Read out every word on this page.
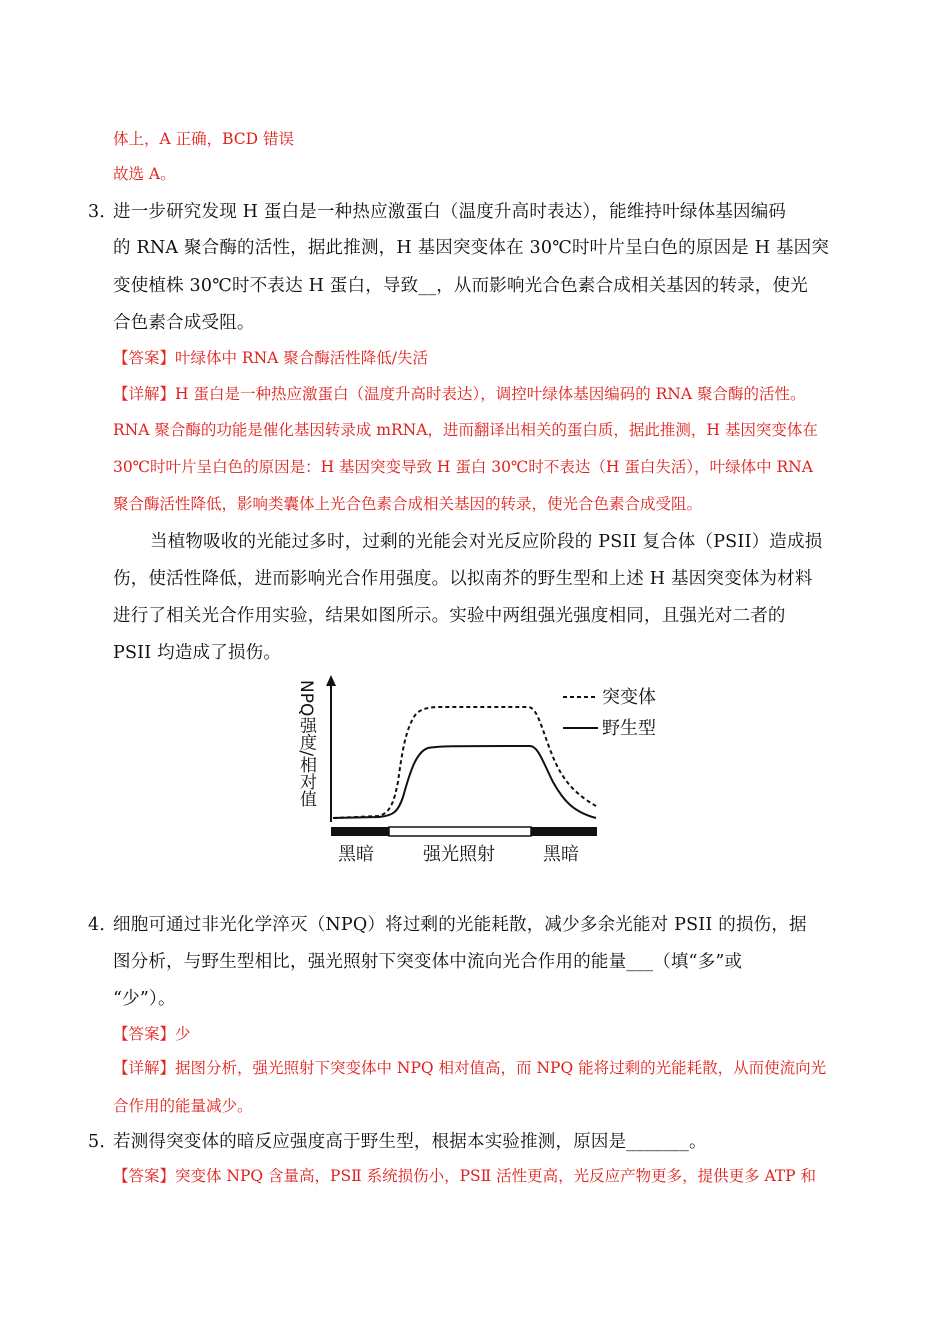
体上，A 正确，BCD 错误
故选 A。
3．
进一步研究发现 H 蛋白是一种热应激蛋白（温度升高时表达），能维持叶绿体基因编码
的 RNA 聚合酶的活性，据此推测，H 基因突变体在 30℃时叶片呈白色的原因是 H 基因突
变使植株 30℃时不表达 H 蛋白，导致__，从而影响光合色素合成相关基因的转录，使光
合色素合成受阻。
【答案】叶绿体中 RNA 聚合酶活性降低/失活
【详解】H 蛋白是一种热应激蛋白（温度升高时表达），调控叶绿体基因编码的 RNA 聚合酶的活性。
RNA 聚合酶的功能是催化基因转录成 mRNA，进而翻译出相关的蛋白质，据此推测，H 基因突变体在
30℃时叶片呈白色的原因是：H 基因突变导致 H 蛋白 30℃时不表达（H 蛋白失活），叶绿体中 RNA
聚合酶活性降低，影响类囊体上光合色素合成相关基因的转录，使光合色素合成受阻。
当植物吸收的光能过多时，过剩的光能会对光反应阶段的 PSII 复合体（PSII）造成损
伤，使活性降低，进而影响光合作用强度。以拟南芥的野生型和上述 H 基因突变体为材料
进行了相关光合作用实验，结果如图所示。实验中两组强光强度相同，且强光对二者的
PSII 均造成了损伤。
NPQ强度/相对值
黑暗	强光照射	黑暗
突变体
野生型
4．
细胞可通过非光化学淬灭（NPQ）将过剩的光能耗散，减少多余光能对 PSII 的损伤，据
图分析，与野生型相比，强光照射下突变体中流向光合作用的能量___（填“多”或
“少”）。
【答案】少
【详解】据图分析，强光照射下突变体中 NPQ 相对值高，而 NPQ 能将过剩的光能耗散，从而使流向光
合作用的能量减少。
5．
若测得突变体的暗反应强度高于野生型，根据本实验推测，原因是_______。
【答案】突变体 NPQ 含量高，PSⅡ 系统损伤小，PSⅡ 活性更高，光反应产物更多，提供更多 ATP 和
